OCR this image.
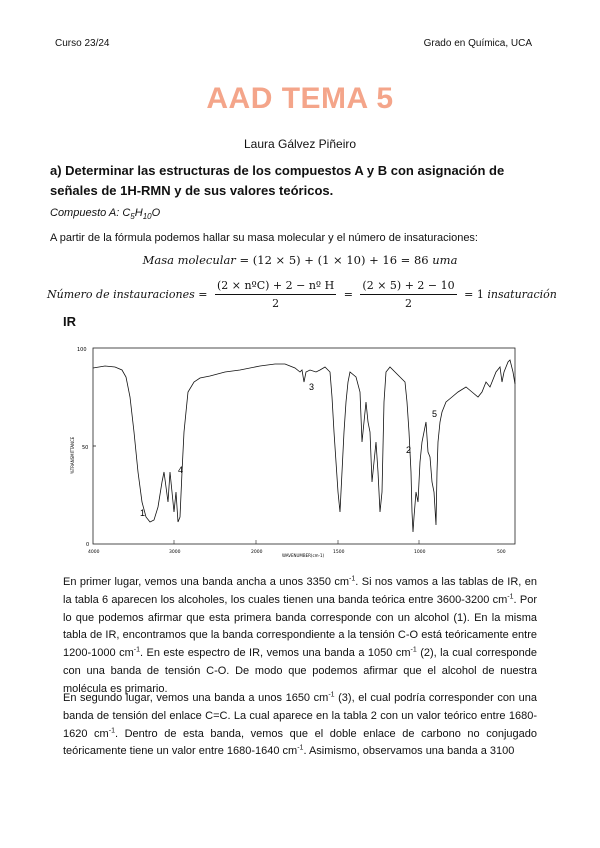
Curso 23/24	Grado en Química, UCA
AAD TEMA 5
Laura Gálvez Piñeiro
a) Determinar las estructuras de los compuestos A y B con asignación de señales de 1H-RMN y de sus valores teóricos.
Compuesto A: $C_5H_{10}O$
A partir de la fórmula podemos hallar su masa molecular y el número de insaturaciones:
Masa molecular = (12 × 5) + (1 × 10) + 16 = 86 uma
Número de instauraciones = $\frac{\text{(2 × nºC) + 2 − nº H}}{2} = \frac{(2 \times 5) + 2 - 10}{2} = 1$ insaturación
IR
100
50
0
%TRANSMITTANCE
4000	3000	2000	1500	1000	500
WAVENUMBER(cm-1)
1
2
3
4
5
En primer lugar, vemos una banda ancha a unos 3350 $cm^{-1}$. Si nos vamos a las tablas de IR, en la tabla 6 aparecen los alcoholes, los cuales tienen una banda teórica entre 3600-3200 $cm^{-1}$. Por lo que podemos afirmar que esta primera banda corresponde con un alcohol (1). En la misma tabla de IR, encontramos que la banda correspondiente a la tensión C-O está teóricamente entre 1200-1000 $cm^{-1}$. En este espectro de IR, vemos una banda a 1050 $cm^{-1}$ (2), la cual corresponde con una banda de tensión C-O. De modo que podemos afirmar que el alcohol de nuestra molécula es primario.
En segundo lugar, vemos una banda a unos 1650 $cm^{-1}$ (3), el cual podría corresponder con una banda de tensión del enlace C=C. La cual aparece en la tabla 2 con un valor teórico entre 1680-1620 $cm^{-1}$. Dentro de esta banda, vemos que el doble enlace de carbono no conjugado teóricamente tiene un valor entre 1680-1640 $cm^{-1}$. Asimismo, observamos una banda a 3100
